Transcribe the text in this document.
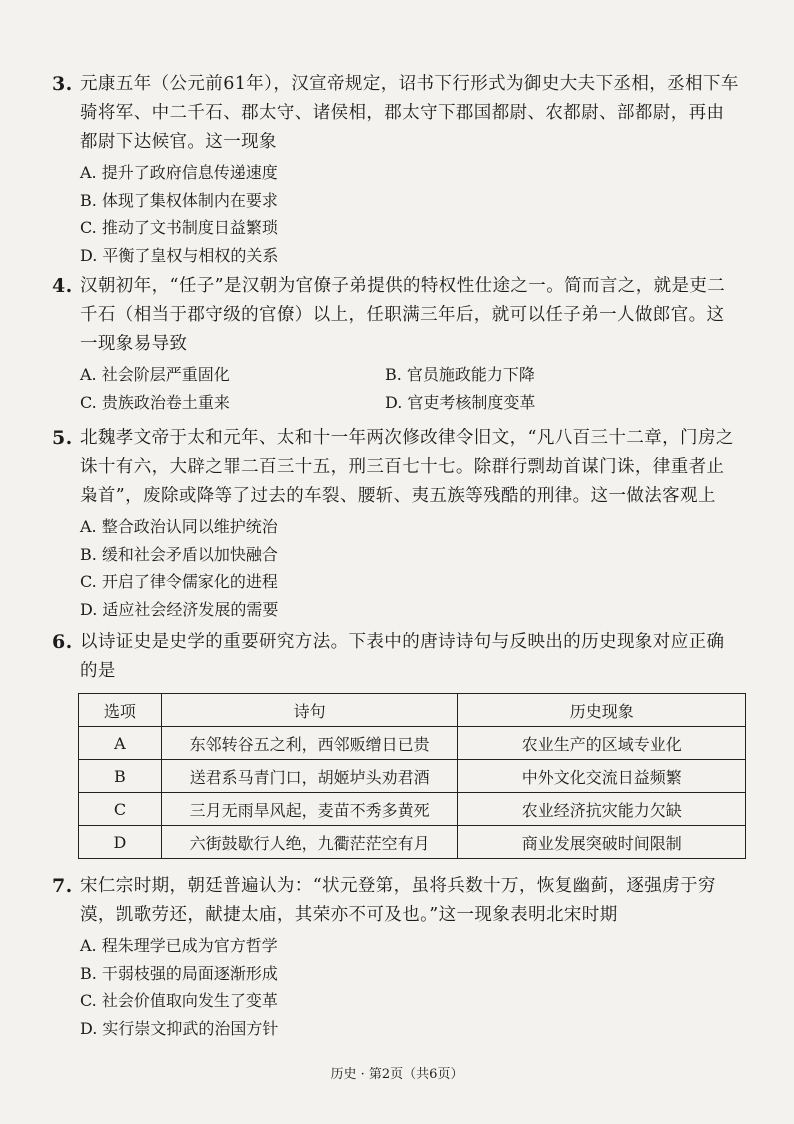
3. 元康五年（公元前61年），汉宣帝规定，诏书下行形式为御史大夫下丞相，丞相下车骑将军、中二千石、郡太守、诸侯相，郡太守下郡国都尉、农都尉、部都尉，再由都尉下达候官。这一现象
A. 提升了政府信息传递速度
B. 体现了集权体制内在要求
C. 推动了文书制度日益繁琐
D. 平衡了皇权与相权的关系
4. 汉朝初年，“任子”是汉朝为官僚子弟提供的特权性仕途之一。简而言之，就是吏二千石（相当于郡守级的官僚）以上，任职满三年后，就可以任子弟一人做郎官。这一现象易导致
A. 社会阶层严重固化	B. 官员施政能力下降
C. 贵族政治卷土重来	D. 官吏考核制度变革
5. 北魏孝文帝于太和元年、太和十一年两次修改律令旧文，“凡八百三十二章，门房之诛十有六，大辟之罪二百三十五，刑三百七十七。除群行剽劫首谋门诛，律重者止枭首”，废除或降等了过去的车裂、腰斩、夷五族等残酷的刑律。这一做法客观上
A. 整合政治认同以维护统治
B. 缓和社会矛盾以加快融合
C. 开启了律令儒家化的进程
D. 适应社会经济发展的需要
6. 以诗证史是史学的重要研究方法。下表中的唐诗诗句与反映出的历史现象对应正确的是
选项	诗句	历史现象
A	东邻转谷五之利，西邻贩缯日已贵	农业生产的区域专业化
B	送君系马青门口，胡姬垆头劝君酒	中外文化交流日益频繁
C	三月无雨旱风起，麦苗不秀多黄死	农业经济抗灾能力欠缺
D	六街鼓歇行人绝，九衢茫茫空有月	商业发展突破时间限制
7. 宋仁宗时期，朝廷普遍认为：“状元登第，虽将兵数十万，恢复幽蓟，逐强虏于穷漠，凯歌劳还，献捷太庙，其荣亦不可及也。”这一现象表明北宋时期
A. 程朱理学已成为官方哲学
B. 干弱枝强的局面逐渐形成
C. 社会价值取向发生了变革
D. 实行崇文抑武的治国方针
历史 · 第2页（共6页）
